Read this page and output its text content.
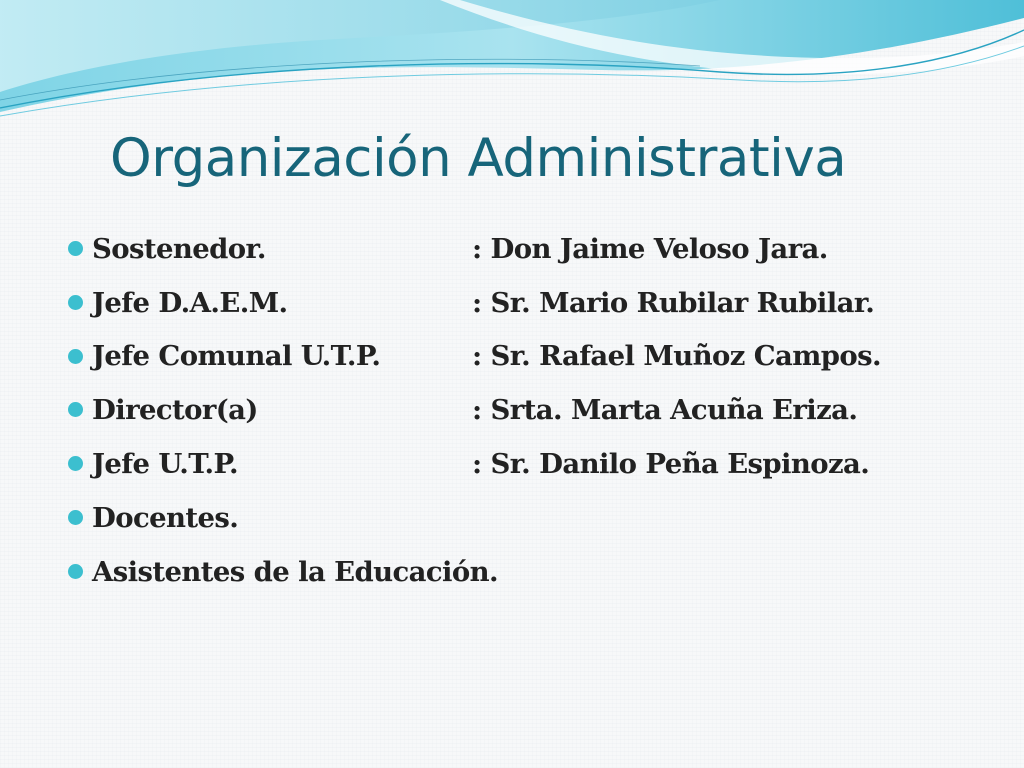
Organización Administrativa
Sostenedor.	: Don Jaime Veloso Jara.
Jefe D.A.E.M.	: Sr. Mario Rubilar Rubilar.
Jefe Comunal U.T.P.	: Sr. Rafael Muñoz Campos.
Director(a)	: Srta. Marta Acuña Eriza.
Jefe U.T.P.	: Sr. Danilo Peña Espinoza.
Docentes.
Asistentes de la Educación.
